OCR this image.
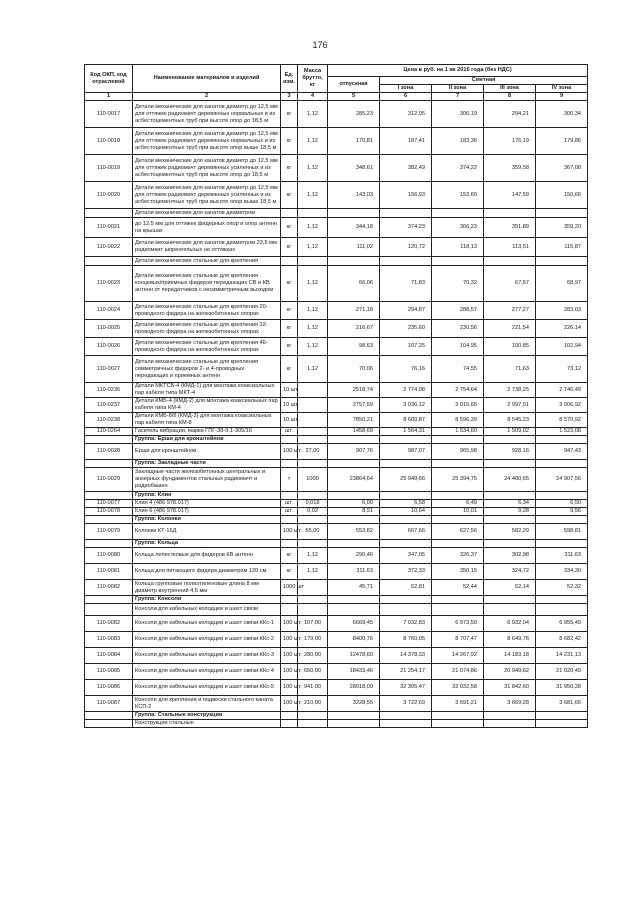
176
Код ОКП, код отраслевой	Наименование материалов и изделий	Ед. изм.	Масса брутто, кг	Цена в руб. на 1 кв 2016 года (без НДС)				
				отпускная	Сметная			
					I зона	II зона	III зона	IV зона
1	2	3	4	5	6	7	8	9
110-0017	Детали механические для канатов диаметр до 12,5 мм для оттяжек радиомачт деревянных нормальных и из асбестоцементных труб при высоте опор до 18,5 м	кг	1,12	285,23	312,95	306,19	294,21	300,34
110-0018	Детали механические для канатов диаметр до 12,5 мм для оттяжек радиомачт деревянных нормальных и из асбестоцементных труб при высоте опор выше 18,5 м	кг	1,12	170,81	187,41	183,36	176,19	179,86
110-0019	Детали механические для канатов диаметр до 12,5 мм для оттяжек радиомачт деревянных усиленных и из асбестоцементных труб при высоте опор до 18,5 м	кг	1,12	348,61	382,49	374,22	359,58	367,08
110-0020	Детали механические для канатов диаметр до 12,5 мм для оттяжек радиомачт деревянных усиленных и из асбестоцементных труб при высоте опор выше 18,5 м	кг	1,12	143,03	156,93	153,60	147,59	150,66
	Детали механические для канатов диаметром							
110-0021	до 12,5 мм для оттяжек фидерных опор и опор антенн на крышах	кг	1,12	344,18	374,23	366,23	351,89	359,20
110-0022	Детали механические для канатов диаметром 23,5 мм радиомачт шпренгельных не оттяжках	кг	1,12	111,02	120,72	118,13	113,51	115,87
	Детали механические стальные для крепления							
110-0023	Детали механические стальные для крепления концевых/приемных фидеров передающих СВ и КВ антенн от передатчиков с несимметричным выходом	кг	1,12	66,06	71,83	70,32	67,57	68,97
110-0024	Детали механические стальные для крепления 20-проводного фидера на железобетонных опорах	кг	1,12	271,18	294,87	288,57	277,27	283,03
110-0025	Детали механические стальные для крепления 32-проводного фидера на железобетонных опорах	кг	1,12	216,67	235,60	230,56	221,54	226,14
110-0026	Детали механические стальные для крепления 46-проводного фидера на железобетонных опорах	кг	1,12	98,63	107,25	104,95	100,85	102,94
110-0027	Детали механические стальные для крепления симметричных фидеров 2- и 4-проводных передающих и приемных антенн	кг	1,12	70,06	76,16	74,55	71,63	73,12
110-0236	Детали МКТСБ-4 (КМД-1) для монтажа коаксиальных пар кабеля типа МКТ-4	10 шт.		2518,74	2 774,98	2 754,64	2 738,25	2 746,49
110-0237	Детали КМБ-4 (КМД-2) для монтажа коаксиальных пар кабеля типа КМ-4	10 шт.		2757,59	3 036,12	3 015,65	2 997,91	3 006,92
110-0238	Детали КМБ-8/6 (КМД-3) для монтажа коаксиальных пар кабеля типа КМ-8	10 шт.		7850,21	8 609,87	8 596,39	8 545,23	8 570,92
110-0264	Гаситель вибрации, марки ГПГ-38-9,1-305/16	шт.		1458,69	1 564,31	1 534,60	1 509,02	1 523,08
	Группа: Ерши для кронштейнов							
110-0028	Ерши для кронштейнов	100 шт.	27,00	907,76	987,07	965,98	928,16	947,43
	Группа: Закладные части							
110-0029	Закладные части железобетонных центральных и анкерных фундаментов стальных радиомачт и радиобашен	т	1000	23864,64	25 949,66	25 394,75	24 400,65	24 907,56
	Группа: Клин							
110-0077	Клин 4 (486 978.017)	шт.	0,018	6,00	6,58	6,49	6,34	6,50
110-0078	Клин 6 (486 978.017)	шт.	0,02	8,91	10,64	10,01	9,28	9,56
	Группа: Колонки							
110-0079	Колонки КТ-16Д	100 шт.	55,00	553,82	667,66	627,56	582,29	598,81
	Группа: Кольца							
110-0080	Кольца лепестковые для фидеров КВ антенн	кг	1,12	290,46	347,05	326,37	302,98	311,63
110-0081	Кольца для питающего фидера диаметром 120 см	кг	1,12	311,63	372,33	350,15	324,72	334,30
110-0082	Кольца групповые полиэтиленовые длина 8 мм диаметр внутренний 4,6 мм	1000 шт		45,71	52,81	52,44	52,14	52,32
	Группа: Консоли							
	Консоли для кабельных колодцев и шахт связи							
110-0082	Консоли для кабельных колодцев и шахт связи ККс-1	100 шт.	107,00	6669,45	7 032,83	6 973,50	6 932,04	6 955,49
110-0083	Консоли для кабельных колодцев и шахт связи ККс-2	100 шт.	179,00	8400,76	8 760,05	8 707,47	8 649,76	8 682,42
110-0084	Консоли для кабельных колодцев и шахт связи ККс-3	100 шт.	280,00	12478,60	14 378,33	14 267,92	14 183,18	14 231,13
110-0085	Консоли для кабельных колодцев и шахт связи ККс-4	100 шт.	650,00	18433,46	21 254,17	21 074,86	20 949,62	21 020,49
110-0086	Консоли для кабельных колодцев и шахт связи ККс-5	100 шт.	941,00	28018,09	32 305,47	32 032,58	31 842,60	31 950,28
110-0087	Консоли для крепления и подвески стального каната КСП-2	100 шт.	210,00	3228,55	3 722,69	3 691,21	3 669,28	3 681,66
	Группа: Стальные конструкции							
	Конструкции стальные							
